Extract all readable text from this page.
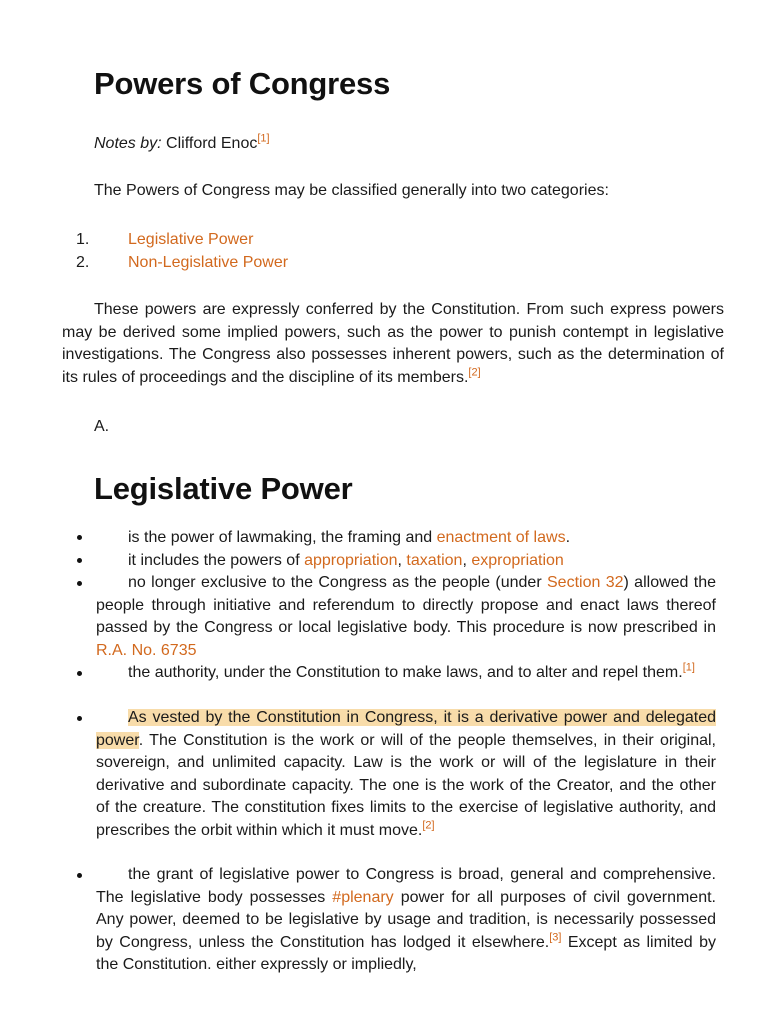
Powers of Congress
Notes by: Clifford Enoc[1]
The Powers of Congress may be classified generally into two categories:
1. Legislative Power
2. Non-Legislative Power
These powers are expressly conferred by the Constitution. From such express powers may be derived some implied powers, such as the power to punish contempt in legislative investigations. The Congress also possesses inherent powers, such as the determination of its rules of proceedings and the discipline of its members.[2]
A.
Legislative Power
is the power of lawmaking, the framing and enactment of laws.
it includes the powers of appropriation, taxation, expropriation
no longer exclusive to the Congress as the people (under Section 32) allowed the people through initiative and referendum to directly propose and enact laws thereof passed by the Congress or local legislative body. This procedure is now prescribed in R.A. No. 6735
the authority, under the Constitution to make laws, and to alter and repel them.[1]
As vested by the Constitution in Congress, it is a derivative power and delegated power. The Constitution is the work or will of the people themselves, in their original, sovereign, and unlimited capacity. Law is the work or will of the legislature in their derivative and subordinate capacity. The one is the work of the Creator, and the other of the creature. The constitution fixes limits to the exercise of legislative authority, and prescribes the orbit within which it must move.[2]
the grant of legislative power to Congress is broad, general and comprehensive. The legislative body possesses #plenary power for all purposes of civil government. Any power, deemed to be legislative by usage and tradition, is necessarily possessed by Congress, unless the Constitution has lodged it elsewhere.[3] Except as limited by the Constitution. either expressly or impliedly,
